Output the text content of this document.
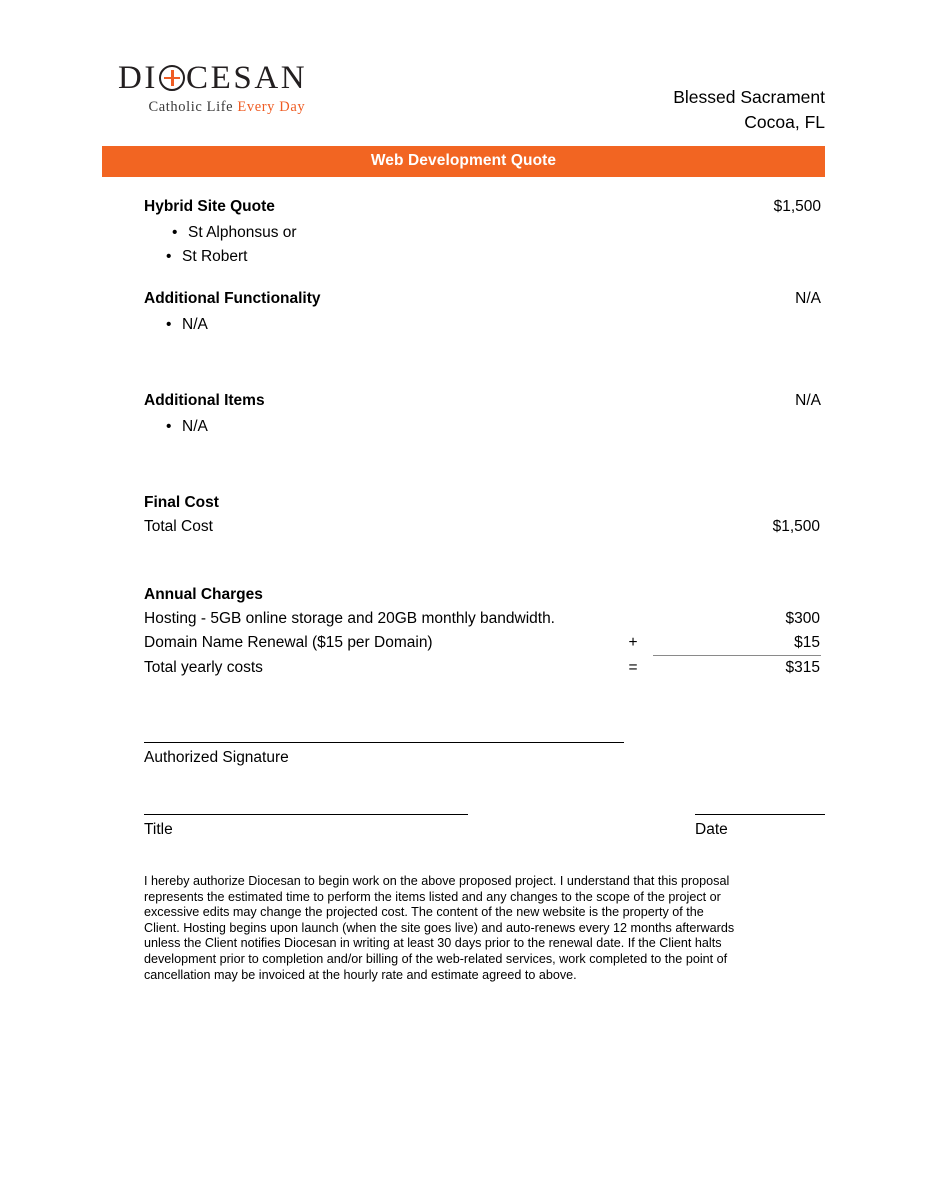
DI CESAN
Catholic Life Every Day	Blessed Sacrament
Cocoa, FL
Web Development Quote
Hybrid Site Quote	$1,500
• St Alphonsus or
• St Robert
Additional Functionality	N/A
• N/A
Additional Items	N/A
• N/A
Final Cost
Total Cost	$1,500
Annual Charges
Hosting - 5GB online storage and 20GB monthly bandwidth.	$300
Domain Name Renewal ($15 per Domain)	+	$15
Total yearly costs	=	$315
Authorized Signature
Title	Date
I hereby authorize Diocesan to begin work on the above proposed project. I understand that this proposal represents the estimated time to perform the items listed and any changes to the scope of the project or excessive edits may change the projected cost. The content of the new website is the property of the Client. Hosting begins upon launch (when the site goes live) and auto-renews every 12 months afterwards unless the Client notifies Diocesan in writing at least 30 days prior to the renewal date. If the Client halts development prior to completion and/or billing of the web-related services, work completed to the point of cancellation may be invoiced at the hourly rate and estimate agreed to above.
